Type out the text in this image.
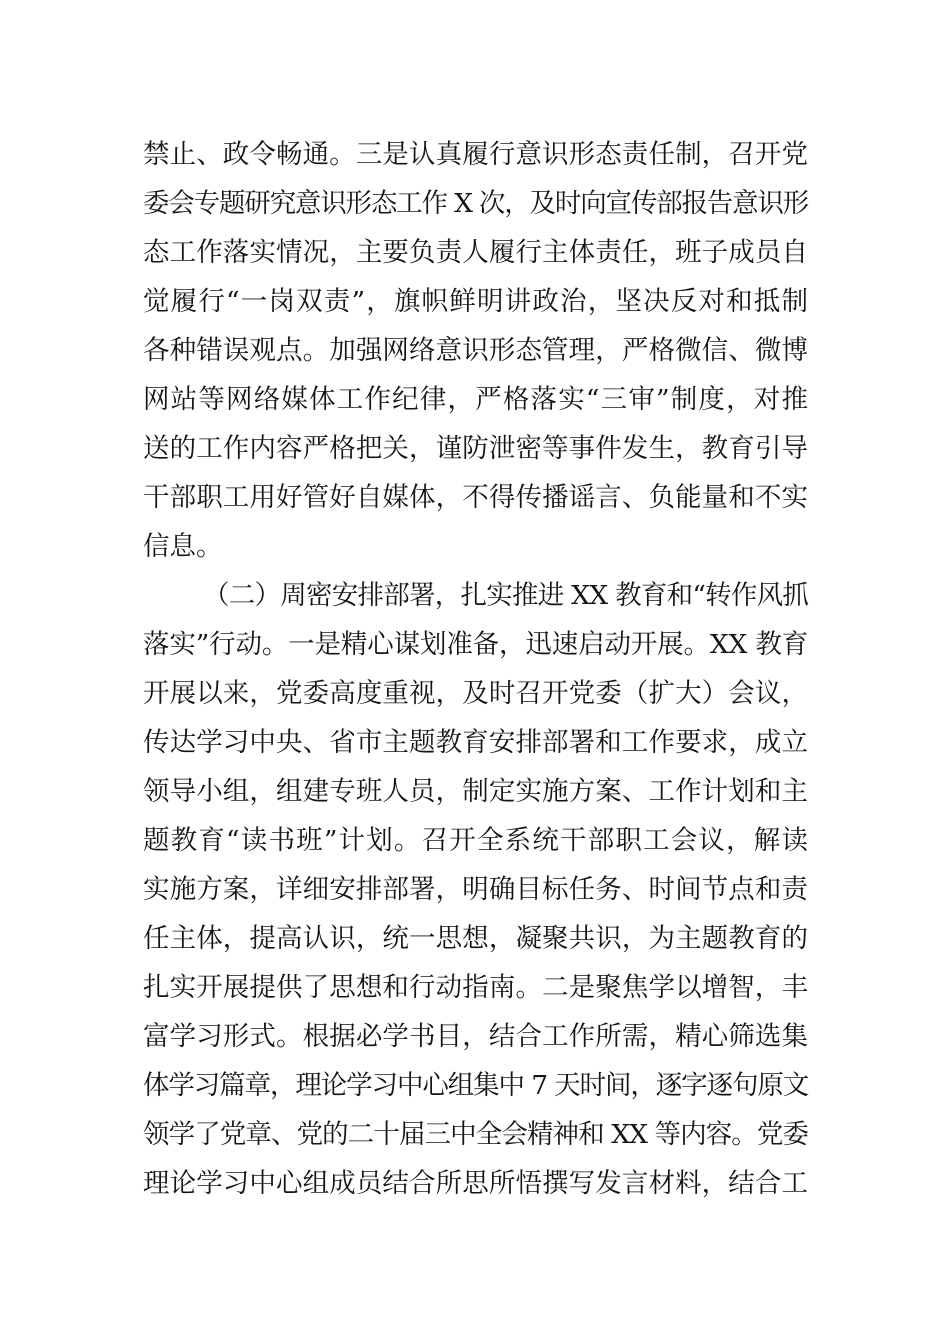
禁止、政令畅通。三是认真履行意识形态责任制，召开党
委会专题研究意识形态工作 X 次，及时向宣传部报告意识形
态工作落实情况，主要负责人履行主体责任，班子成员自
觉履行“一岗双责”，旗帜鲜明讲政治，坚决反对和抵制
各种错误观点。加强网络意识形态管理，严格微信、微博
网站等网络媒体工作纪律，严格落实“三审”制度，对推
送的工作内容严格把关，谨防泄密等事件发生，教育引导
干部职工用好管好自媒体，不得传播谣言、负能量和不实
信息。
（二）周密安排部署，扎实推进 XX 教育和“转作风抓
落实”行动。一是精心谋划准备，迅速启动开展。XX 教育
开展以来，党委高度重视，及时召开党委（扩大）会议，
传达学习中央、省市主题教育安排部署和工作要求，成立
领导小组，组建专班人员，制定实施方案、工作计划和主
题教育“读书班”计划。召开全系统干部职工会议，解读
实施方案，详细安排部署，明确目标任务、时间节点和责
任主体，提高认识，统一思想，凝聚共识，为主题教育的
扎实开展提供了思想和行动指南。二是聚焦学以增智，丰
富学习形式。根据必学书目，结合工作所需，精心筛选集
体学习篇章，理论学习中心组集中 7 天时间，逐字逐句原文
领学了党章、党的二十届三中全会精神和 XX 等内容。党委
理论学习中心组成员结合所思所悟撰写发言材料，结合工
